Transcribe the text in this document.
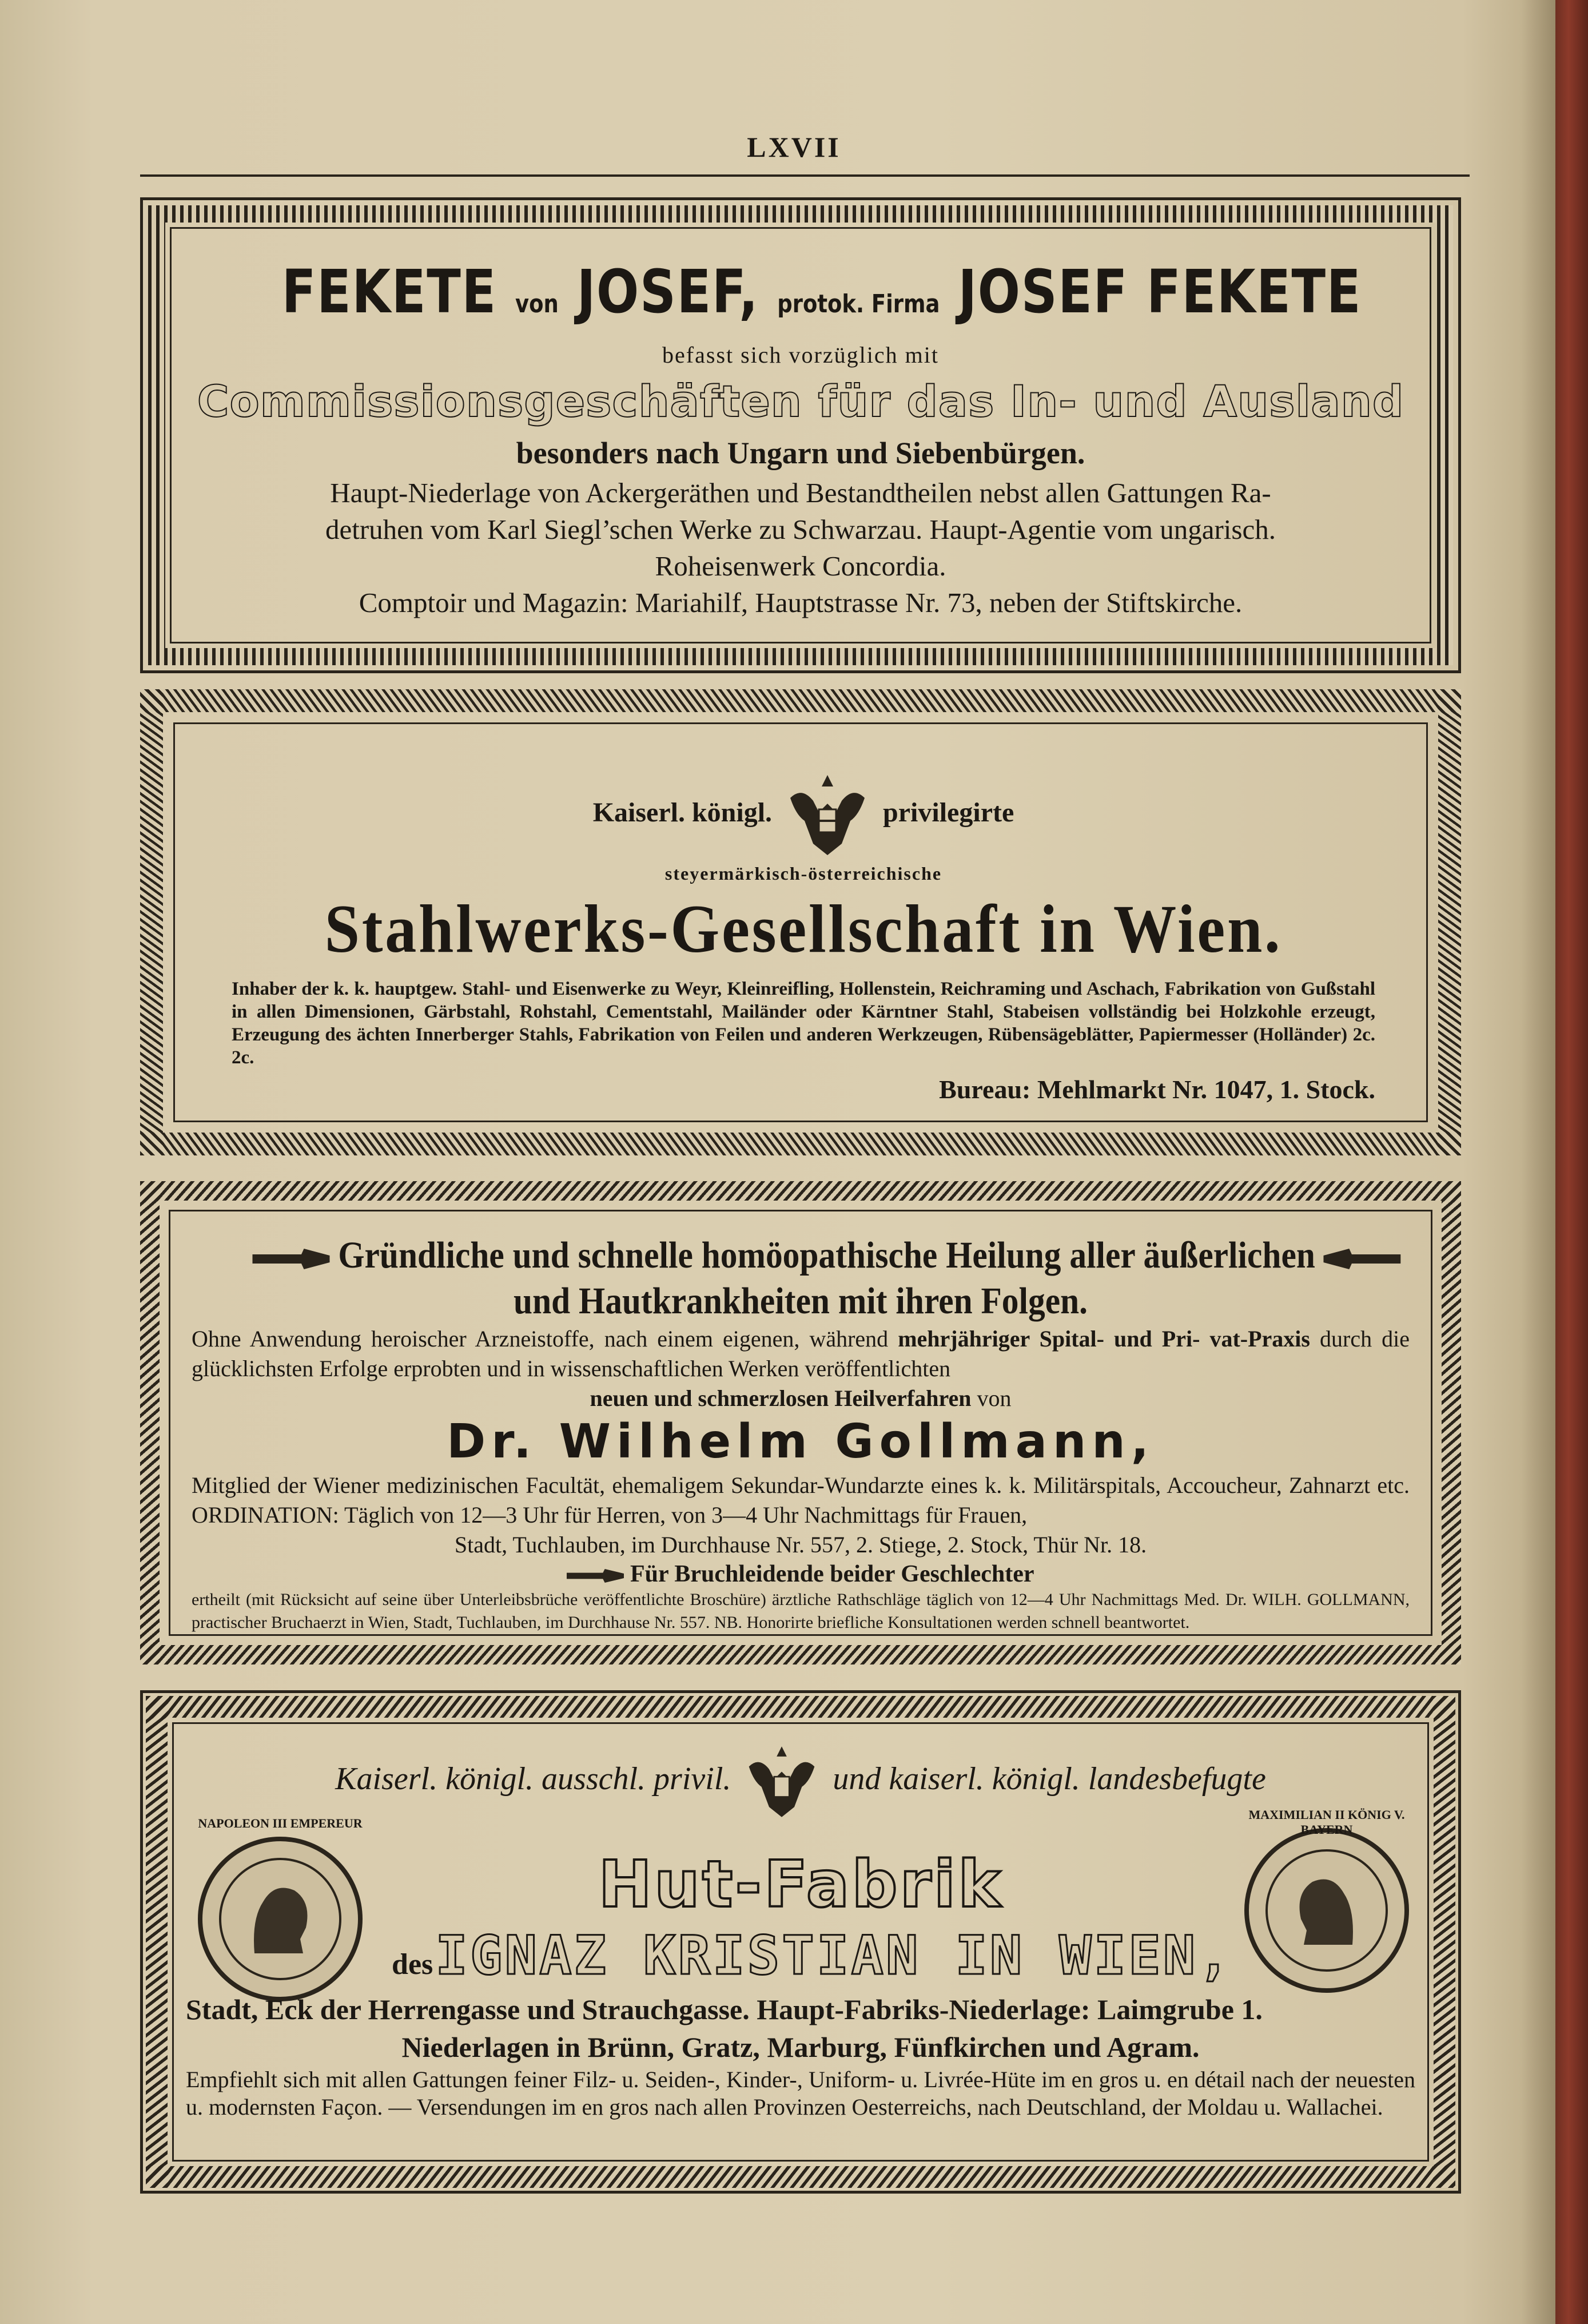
LXVII
FEKETE von JOSEF, protok. Firma JOSEF FEKETE
befasst sich vorzüglich mit
Commissionsgeschäften für das In- und Ausland
besonders nach Ungarn und Siebenbürgen.
Haupt-Niederlage von Ackergeräthen und Bestandtheilen nebst allen Gattungen Ra-
detruhen vom Karl Siegl’schen Werke zu Schwarzau. Haupt-Agentie vom ungarisch.
Roheisenwerk Concordia.
Comptoir und Magazin: Mariahilf, Hauptstrasse Nr. 73, neben der Stiftskirche.
Kaiserl. königl.	privilegirte
steyermärkisch-österreichische
Stahlwerks-Gesellschaft in Wien.
Inhaber der k. k. hauptgew. Stahl- und Eisenwerke zu Weyr, Kleinreifling, Hollenstein, Reichraming und Aschach, Fabrikation von Gußstahl in allen Dimensionen, Gärbstahl, Rohstahl, Cementstahl, Mailänder oder Kärntner Stahl, Stabeisen vollständig bei Holzkohle erzeugt, Erzeugung des ächten Innerberger Stahls, Fabrikation von Feilen und anderen Werkzeugen, Rübensägeblätter, Papiermesser (Holländer) 2c. 2c.
Bureau: Mehlmarkt Nr. 1047, 1. Stock.
Gründliche und schnelle homöopathische Heilung aller äußerlichen
und Hautkrankheiten mit ihren Folgen.
Ohne Anwendung heroischer Arzneistoffe, nach einem eigenen, während mehrjähriger Spital- und Pri- vat-Praxis durch die glücklichsten Erfolge erprobten und in wissenschaftlichen Werken veröffentlichten
neuen und schmerzlosen Heilverfahren von
Dr. Wilhelm Gollmann,
Mitglied der Wiener medizinischen Facultät, ehemaligem Sekundar-Wundarzte eines k. k. Militärspitals, Accoucheur, Zahnarzt etc. ORDINATION: Täglich von 12—3 Uhr für Herren, von 3—4 Uhr Nachmittags für Frauen,
Stadt, Tuchlauben, im Durchhause Nr. 557, 2. Stiege, 2. Stock, Thür Nr. 18.
Für Bruchleidende beider Geschlechter
ertheilt (mit Rücksicht auf seine über Unterleibsbrüche veröffentlichte Broschüre) ärztliche Rathschläge täglich von 12—4 Uhr Nachmittags Med. Dr. WILH. GOLLMANN, practischer Bruchaerzt in Wien, Stadt, Tuchlauben, im Durchhause Nr. 557. NB. Honorirte briefliche Konsultationen werden schnell beantwortet.
NAPOLEON III EMPEREUR
MAXIMILIAN II KÖNIG V. BAYERN
Kaiserl. königl. ausschl. privil.	und kaiserl. königl. landesbefugte
Hut-Fabrik
des IGNAZ KRISTIAN IN WIEN,
Stadt, Eck der Herrengasse und Strauchgasse. Haupt-Fabriks-Niederlage: Laimgrube 1.
Niederlagen in Brünn, Gratz, Marburg, Fünfkirchen und Agram.
Empfiehlt sich mit allen Gattungen feiner Filz- u. Seiden-, Kinder-, Uniform- u. Livrée-Hüte im en gros u. en détail nach der neuesten u. modernsten Façon. — Versendungen im en gros nach allen Provinzen Oesterreichs, nach Deutschland, der Moldau u. Wallachei.
